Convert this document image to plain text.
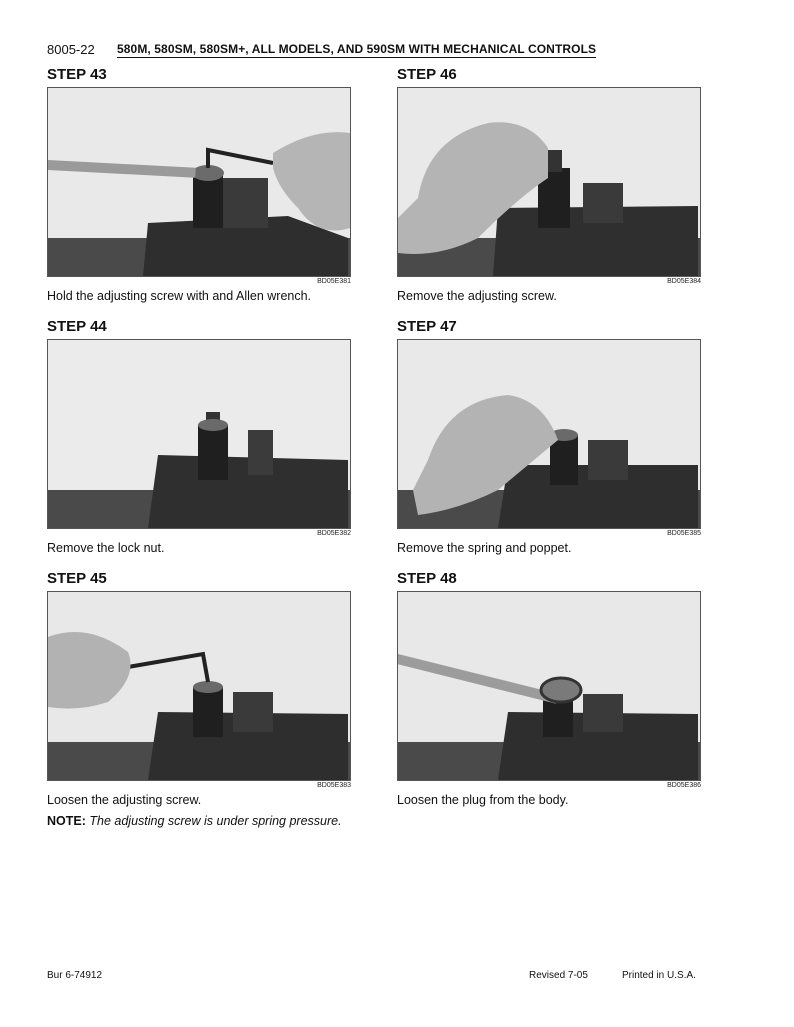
8005-22 580M, 580SM, 580SM+, ALL MODELS, AND 590SM WITH MECHANICAL CONTROLS
STEP 43
BD05E381
Hold the adjusting screw with and Allen wrench.
STEP 44
BD05E382
Remove the lock nut.
STEP 45
BD05E383
Loosen the adjusting screw.
NOTE: The adjusting screw is under spring pressure.
STEP 46
BD05E384
Remove the adjusting screw.
STEP 47
BD05E385
Remove the spring and poppet.
STEP 48
BD05E386
Loosen the plug from the body.
Bur 6-74912	Revised 7-05	Printed in U.S.A.
